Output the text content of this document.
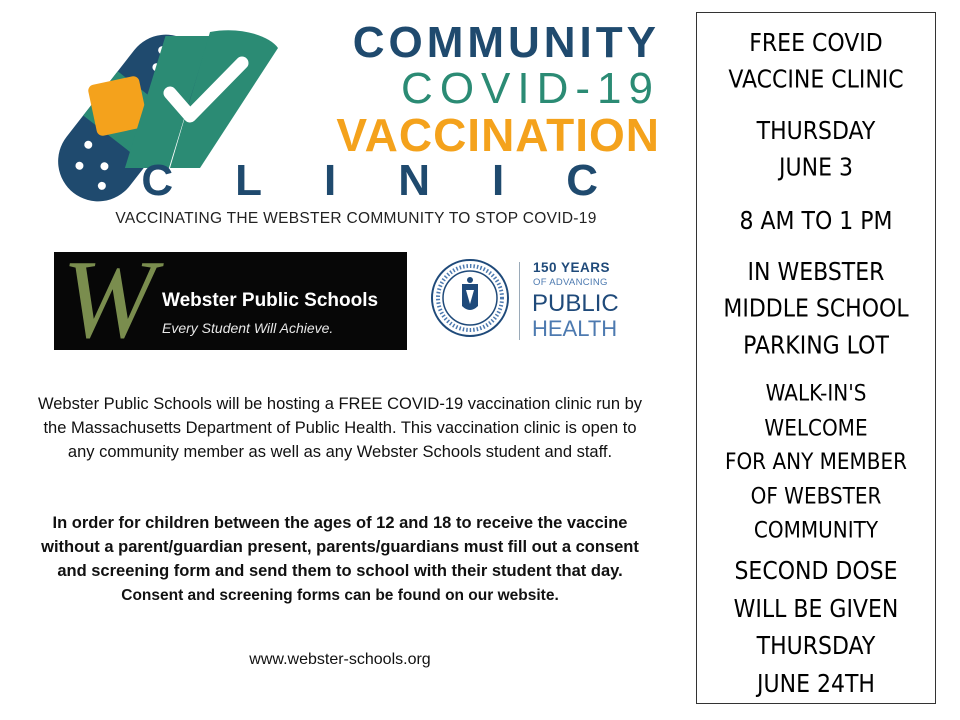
COMMUNITY
COVID-19
VACCINATION
CLINIC
VACCINATING THE WEBSTER COMMUNITY TO STOP COVID-19
W Webster Public Schools
Every Student Will Achieve.
150 YEARS
OF ADVANCING
PUBLIC
HEALTH

Webster Public Schools will be hosting a FREE COVID-19 vaccination clinic run by the Massachusetts Department of Public Health. This vaccination clinic is open to any community member as well as any Webster Schools student and staff.

In order for children between the ages of 12 and 18 to receive the vaccine without a parent/guardian present, parents/guardians must fill out a consent and screening form and send them to school with their student that day. Consent and screening forms can be found on our website.

www.webster-schools.org

FREE COVID
VACCINE CLINIC

THURSDAY
JUNE 3

8 AM TO 1 PM

IN WEBSTER
MIDDLE SCHOOL
PARKING LOT

WALK-IN'S
WELCOME
FOR ANY MEMBER
OF WEBSTER
COMMUNITY

SECOND DOSE
WILL BE GIVEN
THURSDAY
JUNE 24TH
